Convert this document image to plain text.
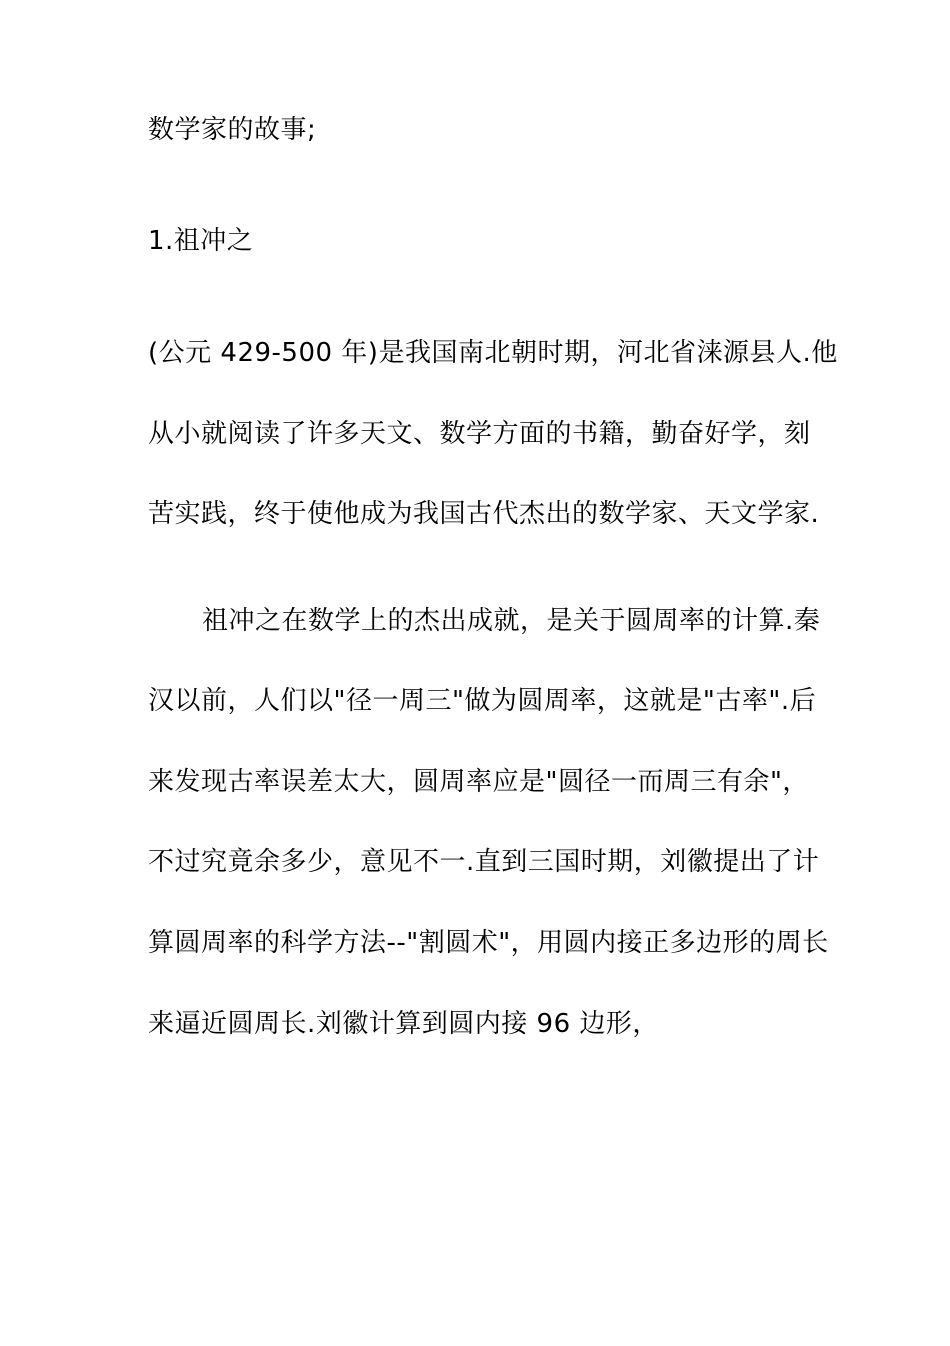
数学家的故事;
1.祖冲之
(公元 429-500 年)是我国南北朝时期，河北省涞源县人.他
从小就阅读了许多天文、数学方面的书籍，勤奋好学，刻
苦实践，终于使他成为我国古代杰出的数学家、天文学家.
祖冲之在数学上的杰出成就，是关于圆周率的计算.秦
汉以前，人们以"径一周三"做为圆周率，这就是"古率".后
来发现古率误差太大，圆周率应是"圆径一而周三有余"，
不过究竟余多少，意见不一.直到三国时期，刘徽提出了计
算圆周率的科学方法--"割圆术"，用圆内接正多边形的周长
来逼近圆周长.刘徽计算到圆内接 96 边形，
